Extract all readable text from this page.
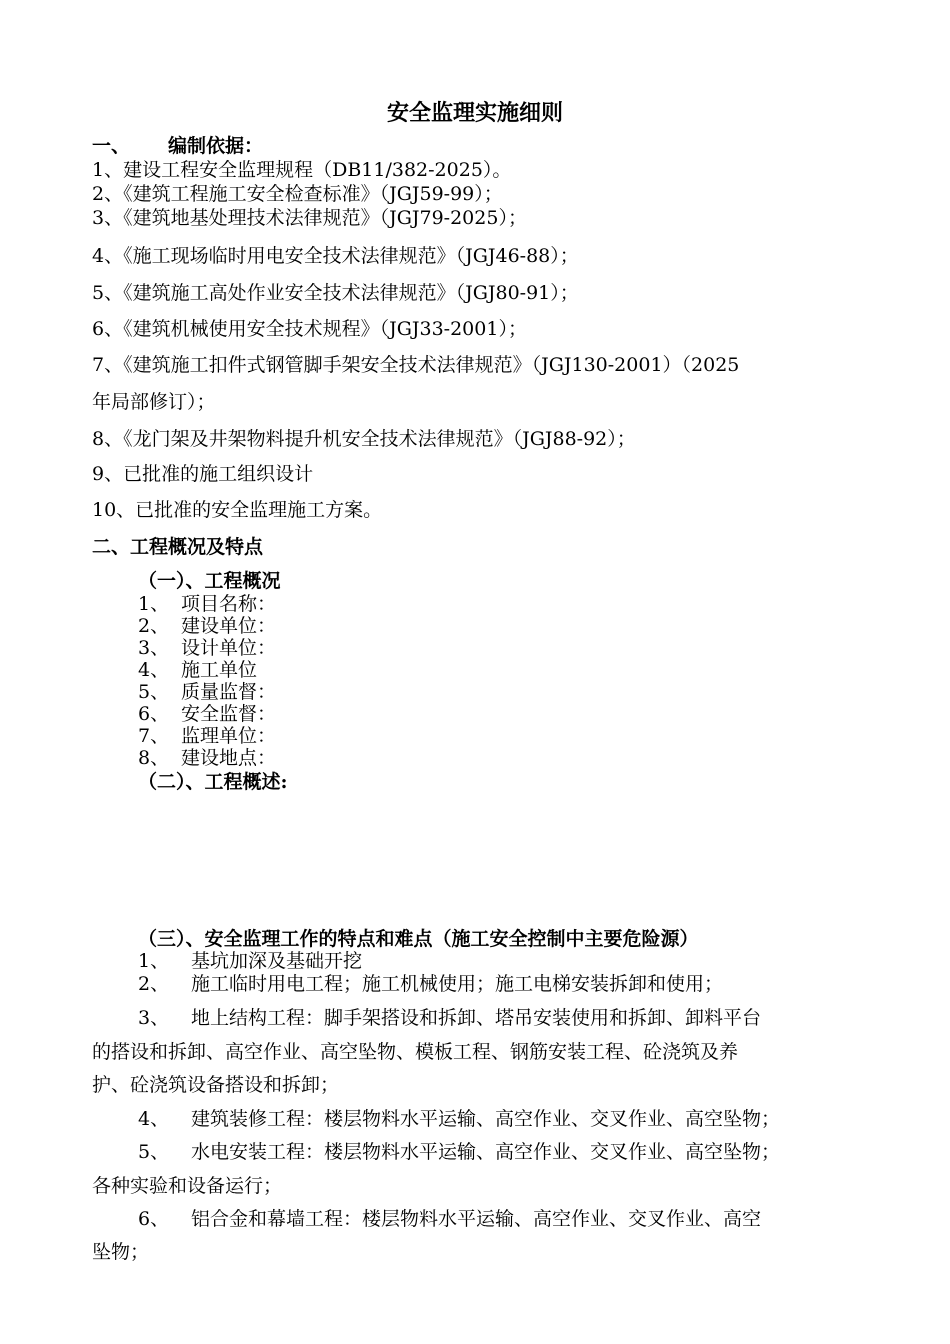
安全监理实施细则
一、 编制依据：
1、建设工程安全监理规程（DB11/382-2025）。
2、《建筑工程施工安全检查标准》（JGJ59-99）；
3、《建筑地基处理技术法律规范》（JGJ79-2025）；
4、《施工现场临时用电安全技术法律规范》（JGJ46-88）；
5、《建筑施工高处作业安全技术法律规范》（JGJ80-91）；
6、《建筑机械使用安全技术规程》（JGJ33-2001）；
7、《建筑施工扣件式钢管脚手架安全技术法律规范》（JGJ130-2001）（2025
年局部修订）；
8、《龙门架及井架物料提升机安全技术法律规范》（JGJ88-92）；
9、已批准的施工组织设计
10、已批准的安全监理施工方案。
二、工程概况及特点
（一）、工程概况
1、 项目名称：
2、 建设单位：
3、 设计单位：
4、 施工单位
5、 质量监督：
6、 安全监督：
7、 监理单位：
8、 建设地点：
（二）、工程概述:
（三）、安全监理工作的特点和难点（施工安全控制中主要危险源）
1、 基坑加深及基础开挖
2、 施工临时用电工程；施工机械使用；施工电梯安装拆卸和使用；
3、 地上结构工程：脚手架搭设和拆卸、塔吊安装使用和拆卸、卸料平台
的搭设和拆卸、高空作业、高空坠物、模板工程、钢筋安装工程、砼浇筑及养
护、砼浇筑设备搭设和拆卸；
4、 建筑装修工程：楼层物料水平运输、高空作业、交叉作业、高空坠物；
5、 水电安装工程：楼层物料水平运输、高空作业、交叉作业、高空坠物；
各种实验和设备运行；
6、 铝合金和幕墙工程：楼层物料水平运输、高空作业、交叉作业、高空
坠物；
